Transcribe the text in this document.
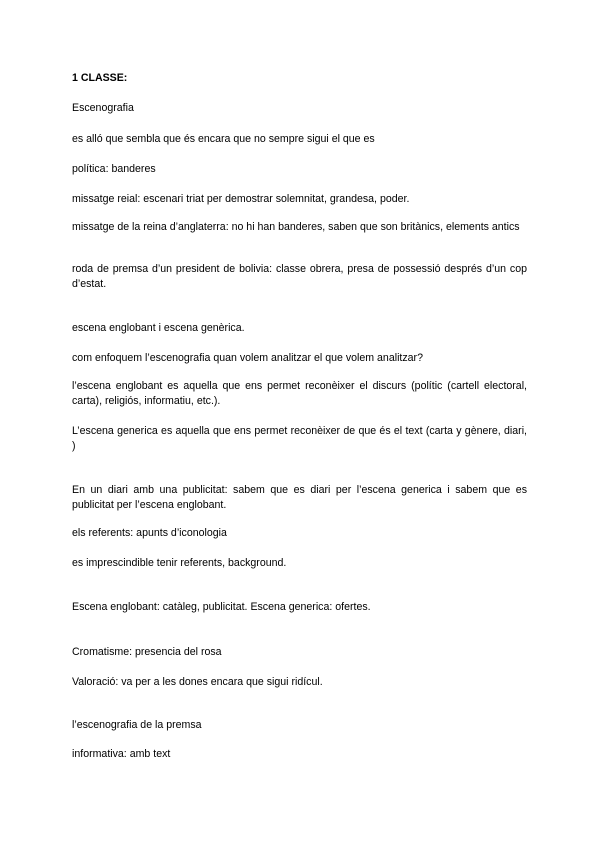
1 CLASSE:

Escenografia

es alló que sembla que és encara que no sempre sigui el que es

política: banderes

missatge reial: escenari triat per demostrar solemnitat, grandesa, poder.

missatge de la reina d’anglaterra: no hi han banderes, saben que son britànics, elements antics

roda de premsa d’un president de bolivia: classe obrera, presa de possessió després d’un cop d’estat.

escena englobant i escena genèrica.

com enfoquem l’escenografia quan volem analitzar el que volem analitzar?

l’escena englobant es aquella que ens permet reconèixer el discurs (polític (cartell electoral, carta), religiós, informatiu, etc.).

L’escena generica es aquella que ens permet reconèixer de que és el text (carta y gènere, diari, )

En un diari amb una publicitat: sabem que es diari per l’escena generica i sabem que es publicitat per l’escena englobant.

els referents: apunts d’iconologia

es imprescindible tenir referents, background.

Escena englobant: catàleg, publicitat. Escena generica: ofertes.

Cromatisme: presencia del rosa

Valoració: va per a les dones encara que sigui ridícul.

l’escenografia de la premsa

informativa: amb text
